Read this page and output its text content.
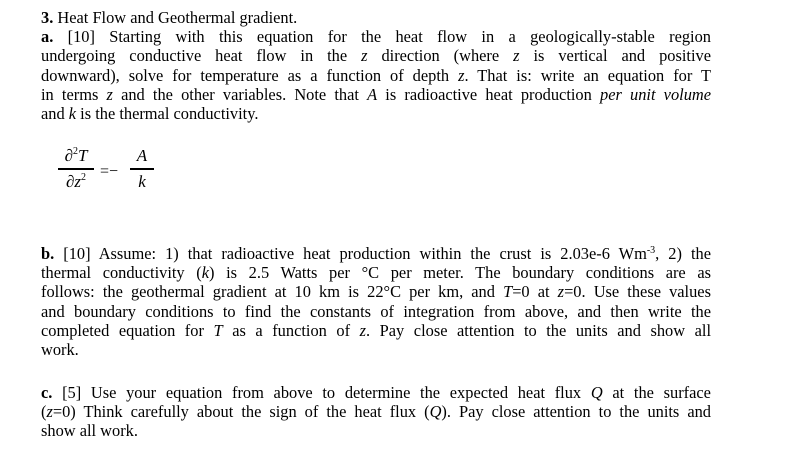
3. Heat Flow and Geothermal gradient.
a. [10] Starting with this equation for the heat flow in a geologically-stable region
undergoing conductive heat flow in the z direction (where z is vertical and positive
downward), solve for temperature as a function of depth z. That is: write an equation for T
in terms z and the other variables. Note that A is radioactive heat production per unit volume
and k is the thermal conductivity.
∂$^2$T
$\partial z^2$ =−
A
k
b. [10] Assume: 1) that radioactive heat production within the crust is 2.03e-6 $Wm^{-3}$, 2) the
thermal conductivity (k) is 2.5 Watts per °C per meter. The boundary conditions are as
follows: the geothermal gradient at 10 km is 22°C per km, and T=0 at z=0. Use these values
and boundary conditions to find the constants of integration from above, and then write the
completed equation for T as a function of z. Pay close attention to the units and show all
work.
c. [5] Use your equation from above to determine the expected heat flux Q at the surface
(z=0) Think carefully about the sign of the heat flux (Q). Pay close attention to the units and
show all work.
